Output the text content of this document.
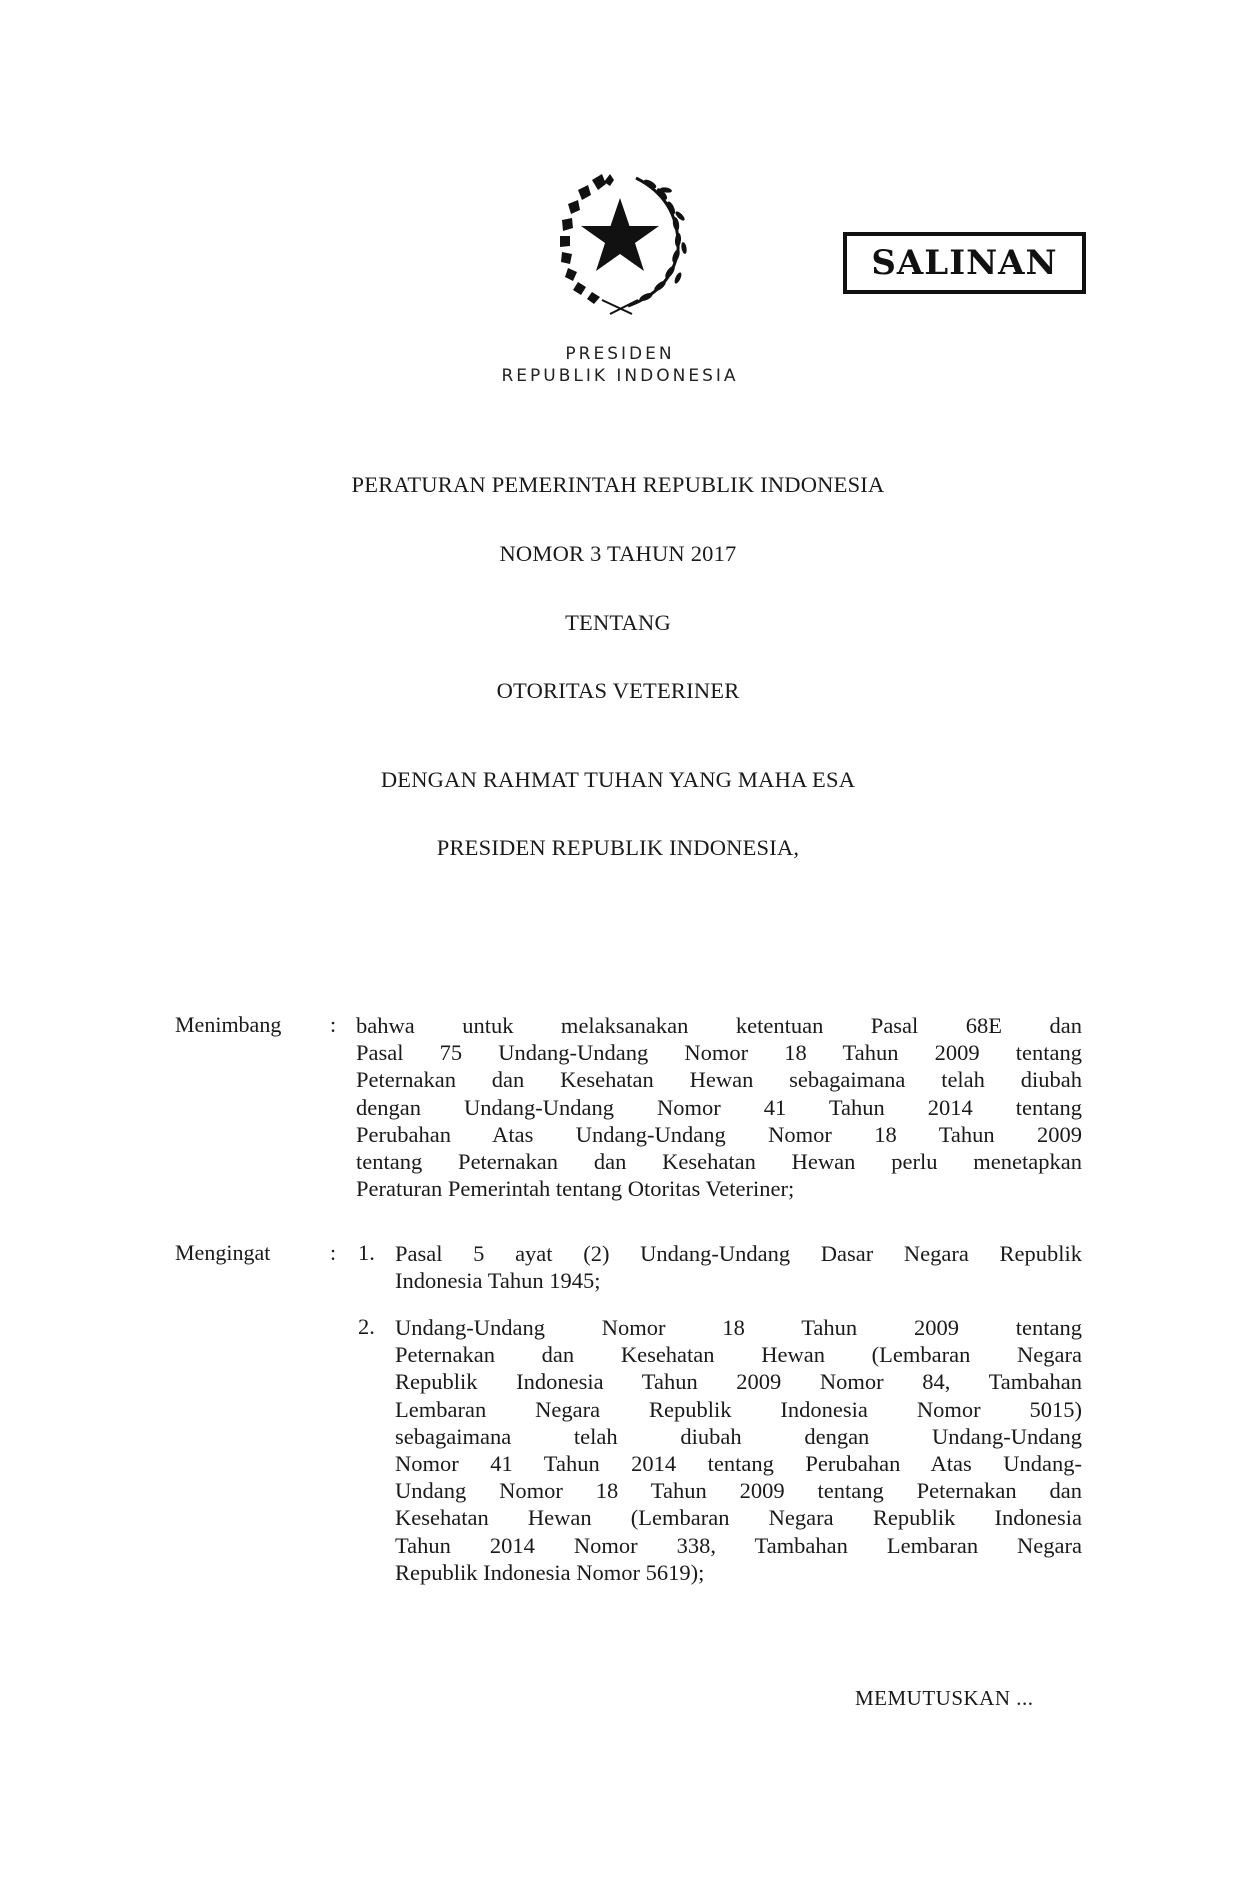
PRESIDEN
REPUBLIK INDONESIA
SALINAN
PERATURAN PEMERINTAH REPUBLIK INDONESIA
NOMOR 3 TAHUN 2017
TENTANG
OTORITAS VETERINER
DENGAN RAHMAT TUHAN YANG MAHA ESA
PRESIDEN REPUBLIK INDONESIA,
Menimbang : bahwa untuk melaksanakan ketentuan Pasal 68E dan
Pasal 75 Undang-Undang Nomor 18 Tahun 2009 tentang
Peternakan dan Kesehatan Hewan sebagaimana telah diubah
dengan Undang-Undang Nomor 41 Tahun 2014 tentang
Perubahan Atas Undang-Undang Nomor 18 Tahun 2009
tentang Peternakan dan Kesehatan Hewan perlu menetapkan
Peraturan Pemerintah tentang Otoritas Veteriner;
Mengingat	: 1. Pasal 5 ayat (2) Undang-Undang Dasar Negara Republik
Indonesia Tahun 1945;
2. Undang-Undang Nomor 18 Tahun 2009 tentang
Peternakan dan Kesehatan Hewan (Lembaran Negara
Republik Indonesia Tahun 2009 Nomor 84, Tambahan
Lembaran Negara Republik Indonesia Nomor 5015)
sebagaimana telah diubah dengan Undang-Undang
Nomor 41 Tahun 2014 tentang Perubahan Atas Undang-
Undang Nomor 18 Tahun 2009 tentang Peternakan dan
Kesehatan Hewan (Lembaran Negara Republik Indonesia
Tahun 2014 Nomor 338, Tambahan Lembaran Negara
Republik Indonesia Nomor 5619);
MEMUTUSKAN ...
